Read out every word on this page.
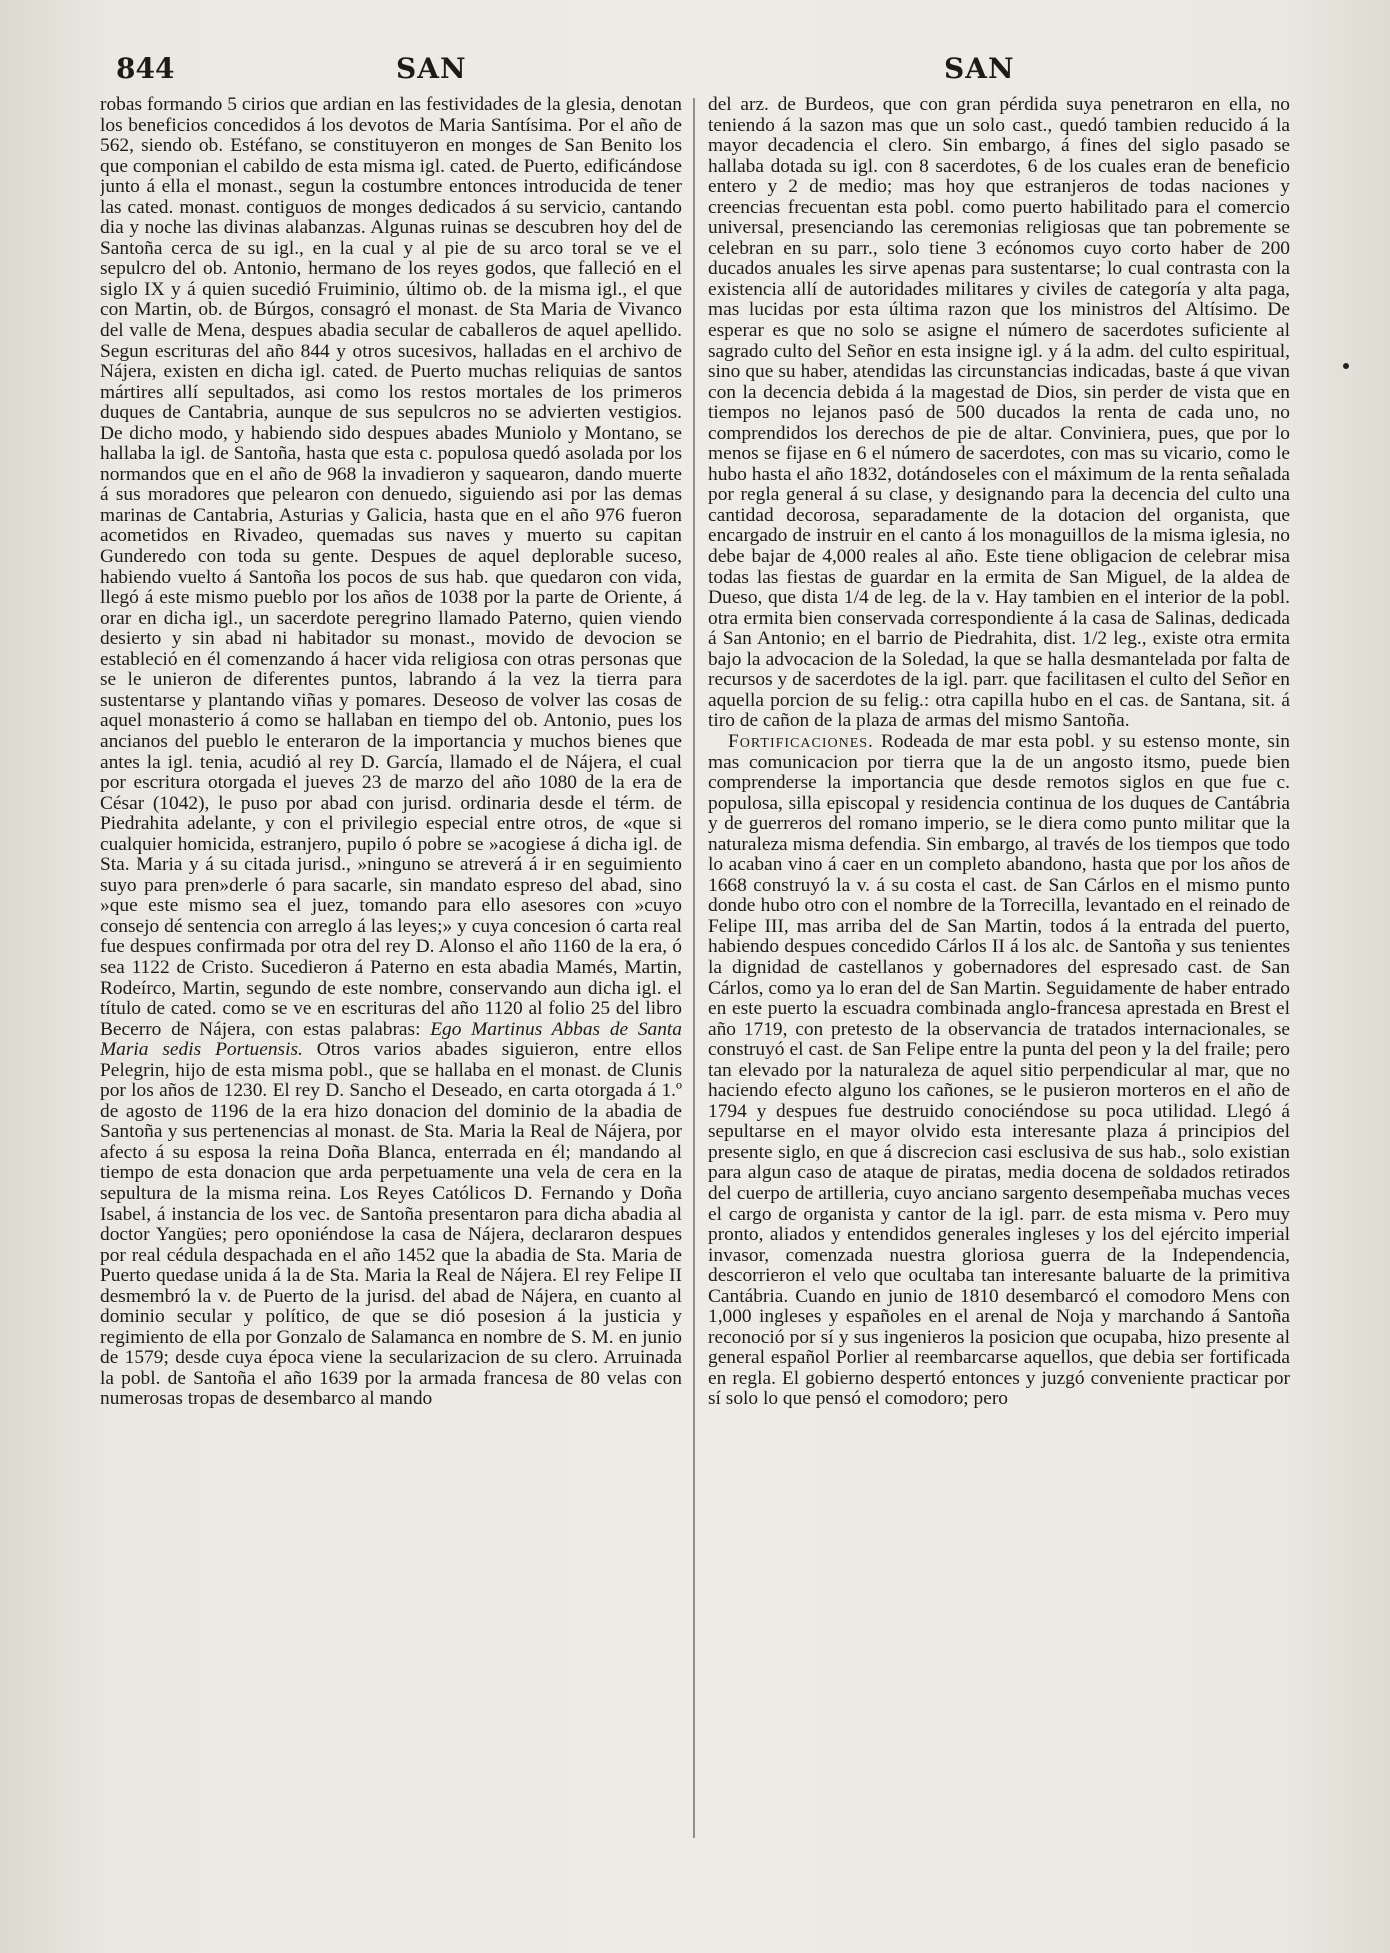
844	SAN	SAN

robas formando 5 cirios que ardian en las festividades de la glesia, denotan los beneficios concedidos á los devotos de Maria Santísima. Por el año de 562, siendo ob. Estéfano, se constituyeron en monges de San Benito los que componian el cabildo de esta misma igl. cated. de Puerto, edificándose junto á ella el monast., segun la costumbre entonces introducida de tener las cated. monast. contiguos de monges dedicados á su servicio, cantando dia y noche las divinas alabanzas. Algunas ruinas se descubren hoy del de Santoña cerca de su igl., en la cual y al pie de su arco toral se ve el sepulcro del ob. Antonio, hermano de los reyes godos, que falleció en el siglo IX y á quien sucedió Fruiminio, último ob. de la misma igl., el que con Martin, ob. de Búrgos, consagró el monast. de Sta Maria de Vivanco del valle de Mena, despues abadia secular de caballeros de aquel apellido. Segun escrituras del año 844 y otros sucesivos, halladas en el archivo de Nájera, existen en dicha igl. cated. de Puerto muchas reliquias de santos mártires allí sepultados, asi como los restos mortales de los primeros duques de Cantabria, aunque de sus sepulcros no se advierten vestigios. De dicho modo, y habiendo sido despues abades Muniolo y Montano, se hallaba la igl. de Santoña, hasta que esta c. populosa quedó asolada por los normandos que en el año de 968 la invadieron y saquearon, dando muerte á sus moradores que pelearon con denuedo, siguiendo asi por las demas marinas de Cantabria, Asturias y Galicia, hasta que en el año 976 fueron acometidos en Rivadeo, quemadas sus naves y muerto su capitan Gunderedo con toda su gente. Despues de aquel deplorable suceso, habiendo vuelto á Santoña los pocos de sus hab. que quedaron con vida, llegó á este mismo pueblo por los años de 1038 por la parte de Oriente, á orar en dicha igl., un sacerdote peregrino llamado Paterno, quien viendo desierto y sin abad ni habitador su monast., movido de devocion se estableció en él comenzando á hacer vida religiosa con otras personas que se le unieron de diferentes puntos, labrando á la vez la tierra para sustentarse y plantando viñas y pomares. Deseoso de volver las cosas de aquel monasterio á como se hallaban en tiempo del ob. Antonio, pues los ancianos del pueblo le enteraron de la importancia y muchos bienes que antes la igl. tenia, acudió al rey D. García, llamado el de Nájera, el cual por escritura otorgada el jueves 23 de marzo del año 1080 de la era de César (1042), le puso por abad con jurisd. ordinaria desde el térm. de Piedrahita adelante, y con el privilegio especial entre otros, de «que si cualquier homicida, estranjero, pupilo ó pobre se »acogiese á dicha igl. de Sta. Maria y á su citada jurisd., »ninguno se atreverá á ir en seguimiento suyo para pren»derle ó para sacarle, sin mandato espreso del abad, sino »que este mismo sea el juez, tomando para ello asesores con »cuyo consejo dé sentencia con arreglo á las leyes;» y cuya concesion ó carta real fue despues confirmada por otra del rey D. Alonso el año 1160 de la era, ó sea 1122 de Cristo. Sucedieron á Paterno en esta abadia Mamés, Martin, Rodeírco, Martin, segundo de este nombre, conservando aun dicha igl. el título de cated. como se ve en escrituras del año 1120 al folio 25 del libro Becerro de Nájera, con estas palabras: Ego Martinus Abbas de Santa Maria sedis Portuensis. Otros varios abades siguieron, entre ellos Pelegrin, hijo de esta misma pobl., que se hallaba en el monast. de Clunis por los años de 1230. El rey D. Sancho el Deseado, en carta otorgada á 1.º de agosto de 1196 de la era hizo donacion del dominio de la abadia de Santoña y sus pertenencias al monast. de Sta. Maria la Real de Nájera, por afecto á su esposa la reina Doña Blanca, enterrada en él; mandando al tiempo de esta donacion que arda perpetuamente una vela de cera en la sepultura de la misma reina. Los Reyes Católicos D. Fernando y Doña Isabel, á instancia de los vec. de Santoña presentaron para dicha abadia al doctor Yangües; pero oponiéndose la casa de Nájera, declararon despues por real cédula despachada en el año 1452 que la abadia de Sta. Maria de Puerto quedase unida á la de Sta. Maria la Real de Nájera. El rey Felipe II desmembró la v. de Puerto de la jurisd. del abad de Nájera, en cuanto al dominio secular y político, de que se dió posesion á la justicia y regimiento de ella por Gonzalo de Salamanca en nombre de S. M. en junio de 1579; desde cuya época viene la secularizacion de su clero. Arruinada la pobl. de Santoña el año 1639 por la armada francesa de 80 velas con numerosas tropas de desembarco al mando

del arz. de Burdeos, que con gran pérdida suya penetraron en ella, no teniendo á la sazon mas que un solo cast., quedó tambien reducido á la mayor decadencia el clero. Sin embargo, á fines del siglo pasado se hallaba dotada su igl. con 8 sacerdotes, 6 de los cuales eran de beneficio entero y 2 de medio; mas hoy que estranjeros de todas naciones y creencias frecuentan esta pobl. como puerto habilitado para el comercio universal, presenciando las ceremonias religiosas que tan pobremente se celebran en su parr., solo tiene 3 ecónomos cuyo corto haber de 200 ducados anuales les sirve apenas para sustentarse; lo cual contrasta con la existencia allí de autoridades militares y civiles de categoría y alta paga, mas lucidas por esta última razon que los ministros del Altísimo. De esperar es que no solo se asigne el número de sacerdotes suficiente al sagrado culto del Señor en esta insigne igl. y á la adm. del culto espiritual, sino que su haber, atendidas las circunstancias indicadas, baste á que vivan con la decencia debida á la magestad de Dios, sin perder de vista que en tiempos no lejanos pasó de 500 ducados la renta de cada uno, no comprendidos los derechos de pie de altar. Conviniera, pues, que por lo menos se fijase en 6 el número de sacerdotes, con mas su vicario, como le hubo hasta el año 1832, dotándoseles con el máximum de la renta señalada por regla general á su clase, y designando para la decencia del culto una cantidad decorosa, separadamente de la dotacion del organista, que encargado de instruir en el canto á los monaguillos de la misma iglesia, no debe bajar de 4,000 reales al año. Este tiene obligacion de celebrar misa todas las fiestas de guardar en la ermita de San Miguel, de la aldea de Dueso, que dista 1/4 de leg. de la v. Hay tambien en el interior de la pobl. otra ermita bien conservada correspondiente á la casa de Salinas, dedicada á San Antonio; en el barrio de Piedrahita, dist. 1/2 leg., existe otra ermita bajo la advocacion de la Soledad, la que se halla desmantelada por falta de recursos y de sacerdotes de la igl. parr. que facilitasen el culto del Señor en aquella porcion de su felig.: otra capilla hubo en el cas. de Santana, sit. á tiro de cañon de la plaza de armas del mismo Santoña.

Fortificaciones. Rodeada de mar esta pobl. y su estenso monte, sin mas comunicacion por tierra que la de un angosto itsmo, puede bien comprenderse la importancia que desde remotos siglos en que fue c. populosa, silla episcopal y residencia continua de los duques de Cantábria y de guerreros del romano imperio, se le diera como punto militar que la naturaleza misma defendia. Sin embargo, al través de los tiempos que todo lo acaban vino á caer en un completo abandono, hasta que por los años de 1668 construyó la v. á su costa el cast. de San Cárlos en el mismo punto donde hubo otro con el nombre de la Torrecilla, levantado en el reinado de Felipe III, mas arriba del de San Martin, todos á la entrada del puerto, habiendo despues concedido Cárlos II á los alc. de Santoña y sus tenientes la dignidad de castellanos y gobernadores del espresado cast. de San Cárlos, como ya lo eran del de San Martin. Seguidamente de haber entrado en este puerto la escuadra combinada anglo-francesa aprestada en Brest el año 1719, con pretesto de la observancia de tratados internacionales, se construyó el cast. de San Felipe entre la punta del peon y la del fraile; pero tan elevado por la naturaleza de aquel sitio perpendicular al mar, que no haciendo efecto alguno los cañones, se le pusieron morteros en el año de 1794 y despues fue destruido conociéndose su poca utilidad. Llegó á sepultarse en el mayor olvido esta interesante plaza á principios del presente siglo, en que á discrecion casi esclusiva de sus hab., solo existian para algun caso de ataque de piratas, media docena de soldados retirados del cuerpo de artilleria, cuyo anciano sargento desempeñaba muchas veces el cargo de organista y cantor de la igl. parr. de esta misma v. Pero muy pronto, aliados y entendidos generales ingleses y los del ejército imperial invasor, comenzada nuestra gloriosa guerra de la Independencia, descorrieron el velo que ocultaba tan interesante baluarte de la primitiva Cantábria. Cuando en junio de 1810 desembarcó el comodoro Mens con 1,000 ingleses y españoles en el arenal de Noja y marchando á Santoña reconoció por sí y sus ingenieros la posicion que ocupaba, hizo presente al general español Porlier al reembarcarse aquellos, que debia ser fortificada en regla. El gobierno despertó entonces y juzgó conveniente practicar por sí solo lo que pensó el comodoro; pero
